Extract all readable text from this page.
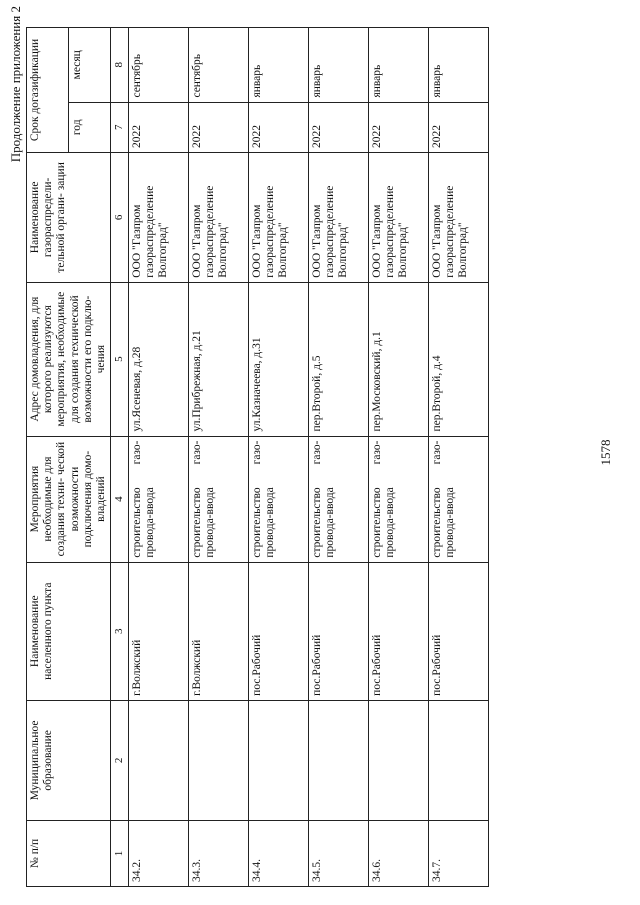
1578
Продолжение приложения 2
№ п/п	Муниципальное образование	Наименование населенного пункта	Мероприятия необходимые для создания техни- ческой возможности подключения домо- владений	Адрес домовладения, для которого реализуются мероприятия, необходимые для создания технической возможности его подклю- чения	Наименование газораспредели- тельной органи- зации	Срок догазификации	
						год	месяц
1	2	3	4	5	6	7	8
34.2.		г.Волжский	строительство газо- провода-ввода	ул.Ясеневая, д.28	ООО "Газпром газораспределение Волгоград"	2022	сентябрь
34.3.		г.Волжский	строительство газо- провода-ввода	ул.Прибрежная, д.21	ООО "Газпром газораспределение Волгоград"	2022	сентябрь
34.4.		пос.Рабочий	строительство газо- провода-ввода	ул.Казначеева, д.31	ООО "Газпром газораспределение Волгоград"	2022	январь
34.5.		пос.Рабочий	строительство газо- провода-ввода	пер.Второй, д.5	ООО "Газпром газораспределение Волгоград"	2022	январь
34.6.		пос.Рабочий	строительство газо- провода-ввода	пер.Московский, д.1	ООО "Газпром газораспределение Волгоград"	2022	январь
34.7.		пос.Рабочий	строительство газо- провода-ввода	пер.Второй, д.4	ООО "Газпром газораспределение Волгоград"	2022	январь
